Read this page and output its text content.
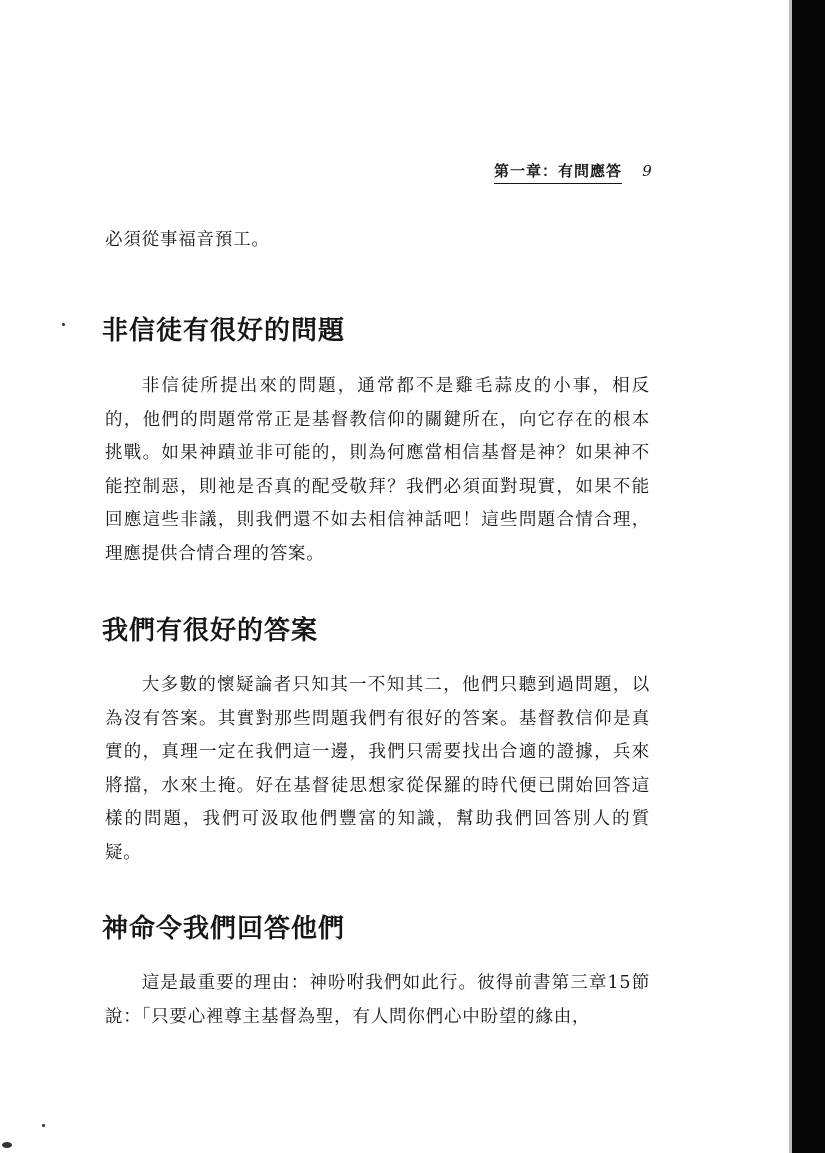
第一章：有問應答 9

必須從事福音預工。

非信徒有很好的問題

非信徒所提出來的問題，通常都不是雞毛蒜皮的小事，相反的，他們的問題常常正是基督教信仰的關鍵所在，向它存在的根本挑戰。如果神蹟並非可能的，則為何應當相信基督是神？如果神不能控制惡，則祂是否真的配受敬拜？我們必須面對現實，如果不能回應這些非議，則我們還不如去相信神話吧！這些問題合情合理，理應提供合情合理的答案。

我們有很好的答案

大多數的懷疑論者只知其一不知其二，他們只聽到過問題，以為沒有答案。其實對那些問題我們有很好的答案。基督教信仰是真實的，真理一定在我們這一邊，我們只需要找出合適的證據，兵來將擋，水來土掩。好在基督徒思想家從保羅的時代便已開始回答這樣的問題，我們可汲取他們豐富的知識，幫助我們回答別人的質疑。

神命令我們回答他們

這是最重要的理由：神吩咐我們如此行。彼得前書第三章15節說：「只要心裡尊主基督為聖，有人問你們心中盼望的緣由，
